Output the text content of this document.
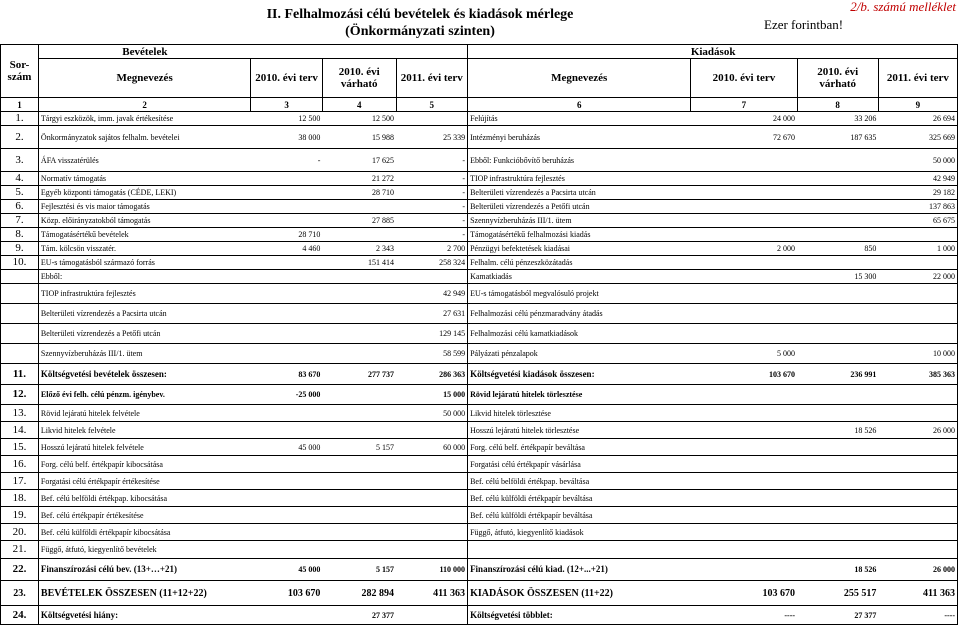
II. Felhalmozási célú bevételek és kiadások mérlege
(Önkormányzati szinten)	Ezer forintban!
2/b. számú melléklet
Sor-szám	Bevételek					Kiadások		
	Megnevezés	2010. évi terv	2010. évi várható	2011. évi terv	Megnevezés	2010. évi terv	2010. évi várható	2011. évi terv
1	2	3	4	5	6	7	8	9
1.	Tárgyi eszközök, imm. javak értékesítése	12 500	12 500		Felújítás	24 000	33 206	26 694
2.	Önkormányzatok sajátos felhalm. bevételei	38 000	15 988	25 339	Intézményi beruházás	72 670	187 635	325 669
3.	ÁFA visszatérülés	-	17 625	-	Ebből: Funkcióbővítő beruházás			50 000
4.	Normatív támogatás		21 272	-	TIOP infrastruktúra fejlesztés			42 949
5.	Egyéb központi támogatás (CÉDE, LEKI)		28 710	-	Belterületi vízrendezés a Pacsirta utcán			29 182
6.	Fejlesztési és vis maior támogatás			-	Belterületi vízrendezés a Petőfi utcán			137 863
7.	Közp. előirányzatokból támogatás		27 885	-	Szennyvízberuházás III/1. ütem			65 675
8.	Támogatásértékű bevételek	28 710		-	Támogatásértékű felhalmozási kiadás			
9.	Tám. kölcsön visszatér.	4 460	2 343	2 700	Pénzügyi befektetések kiadásai	2 000	850	1 000
10.	EU-s támogatásból származó forrás		151 414	258 324	Felhalm. célú pénzeszközátadás			
	Ebből:				Kamatkiadás		15 300	22 000
	TIOP infrastruktúra fejlesztés			42 949	EU-s támogatásból megvalósuló projekt			
	Belterületi vízrendezés a Pacsirta utcán			27 631	Felhalmozási célú pénzmaradvány átadás			
	Belterületi vízrendezés a Petőfi utcán			129 145	Felhalmozási célú kamatkiadások			
	Szennyvízberuházás III/1. ütem			58 599	Pályázati pénzalapok	5 000		10 000
11.	Költségvetési bevételek összesen:	83 670	277 737	286 363	Költségvetési kiadások összesen:	103 670	236 991	385 363
12.	Előző évi felh. célú pénzm. igénybev.	-25 000		15 000	Rövid lejáratú hitelek törlesztése			
13.	Rövid lejáratú hitelek felvétele			50 000	Likvid hitelek törlesztése			
14.	Likvid hitelek felvétele				Hosszú lejáratú hitelek törlesztése		18 526	26 000
15.	Hosszú lejáratú hitelek felvétele	45 000	5 157	60 000	Forg. célú belf. értékpapír beváltása			
16.	Forg. célú belf. értékpapír kibocsátása				Forgatási célú értékpapír vásárlása			
17.	Forgatási célú értékpapír értékesítése				Bef. célú belföldi értékpap. beváltása			
18.	Bef. célú belföldi értékpap. kibocsátása				Bef. célú külföldi értékpapír beváltása			
19.	Bef. célú értékpapír értékesítése				Bef. célú külföldi értékpapír beváltása			
20.	Bef. célú külföldi értékpapír kibocsátása				Függő, átfutó, kiegyenlítő kiadások			
21.	Függő, átfutó, kiegyenlítő bevételek							
22.	Finanszírozási célú bev. (13+…+21)	45 000	5 157	110 000	Finanszírozási célú kiad. (12+...+21)		18 526	26 000
23.	BEVÉTELEK ÖSSZESEN (11+12+22)	103 670	282 894	411 363	KIADÁSOK ÖSSZESEN (11+22)	103 670	255 517	411 363
24.	Költségvetési hiány:		27 377		Költségvetési többlet:	----	27 377	----
